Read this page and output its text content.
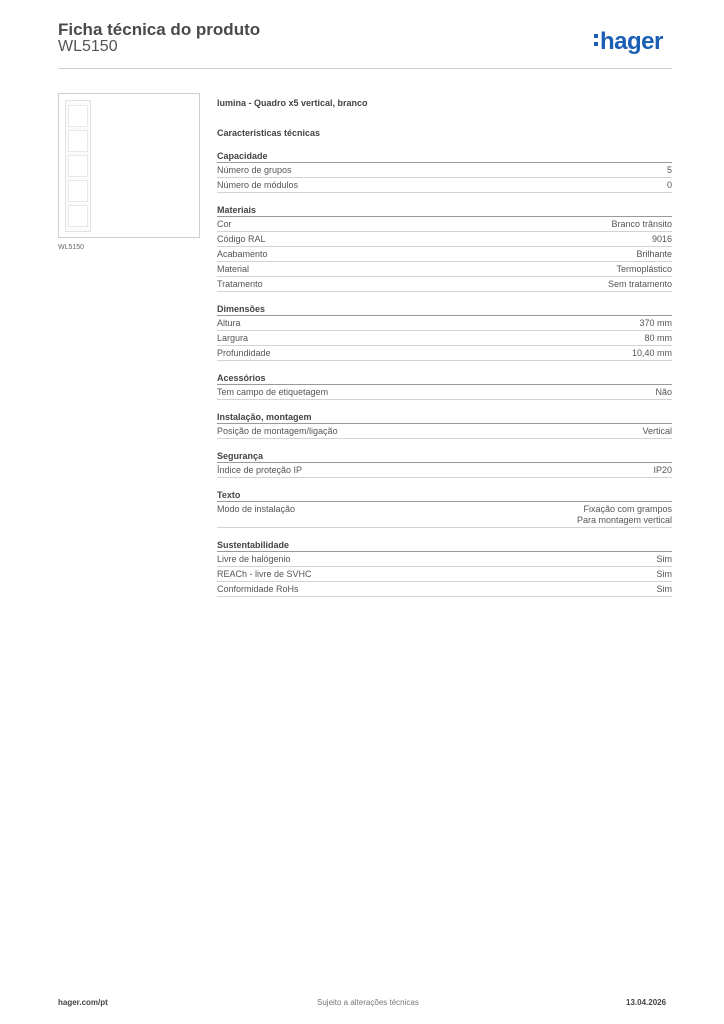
Ficha técnica do produto
WL5150	hager
WL5150
lumina - Quadro x5 vertical, branco
Características técnicas
Capacidade
Número de grupos	5
Número de módulos	0
Materiais
Cor	Branco trânsito
Código RAL	9016
Acabamento	Brilhante
Material	Termoplástico
Tratamento	Sem tratamento
Dimensões
Altura	370 mm
Largura	80 mm
Profundidade	10,40 mm
Acessórios
Tem campo de etiquetagem	Não
Instalação, montagem
Posição de montagem/ligação	Vertical
Segurança
Índice de proteção IP	IP20
Texto
Modo de instalação	Fixação com grampos
Para montagem vertical
Sustentabilidade
Livre de halógenio	Sim
REACh - livre de SVHC	Sim
Conformidade RoHs	Sim
hager.com/pt	Sujeito a alterações técnicas	13.04.2026
